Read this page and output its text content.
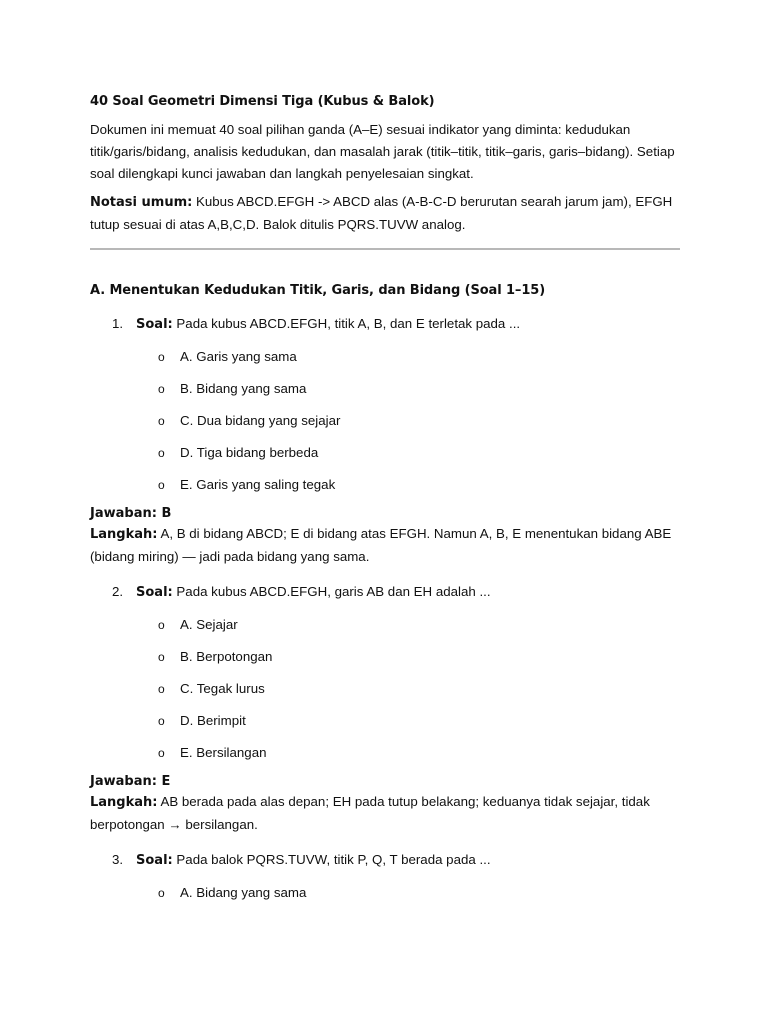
40 Soal Geometri Dimensi Tiga (Kubus & Balok)

Dokumen ini memuat 40 soal pilihan ganda (A–E) sesuai indikator yang diminta: kedudukan titik/garis/bidang, analisis kedudukan, dan masalah jarak (titik–titik, titik–garis, garis–bidang). Setiap soal dilengkapi kunci jawaban dan langkah penyelesaian singkat.

Notasi umum: Kubus ABCD.EFGH -> ABCD alas (A-B-C-D berurutan searah jarum jam), EFGH tutup sesuai di atas A,B,C,D. Balok ditulis PQRS.TUVW analog.

A. Menentukan Kedudukan Titik, Garis, dan Bidang (Soal 1–15)
1. Soal: Pada kubus ABCD.EFGH, titik A, B, dan E terletak pada ...
o A. Garis yang sama
o B. Bidang yang sama
o C. Dua bidang yang sejajar
o D. Tiga bidang berbeda
o E. Garis yang saling tegak
Jawaban: B
Langkah: A, B di bidang ABCD; E di bidang atas EFGH. Namun A, B, E menentukan bidang ABE (bidang miring) — jadi pada bidang yang sama.
2. Soal: Pada kubus ABCD.EFGH, garis AB dan EH adalah ...
o A. Sejajar
o B. Berpotongan
o C. Tegak lurus
o D. Berimpit
o E. Bersilangan
Jawaban: E
Langkah: AB berada pada alas depan; EH pada tutup belakang; keduanya tidak sejajar, tidak berpotongan → bersilangan.
3. Soal: Pada balok PQRS.TUVW, titik P, Q, T berada pada ...
o A. Bidang yang sama
